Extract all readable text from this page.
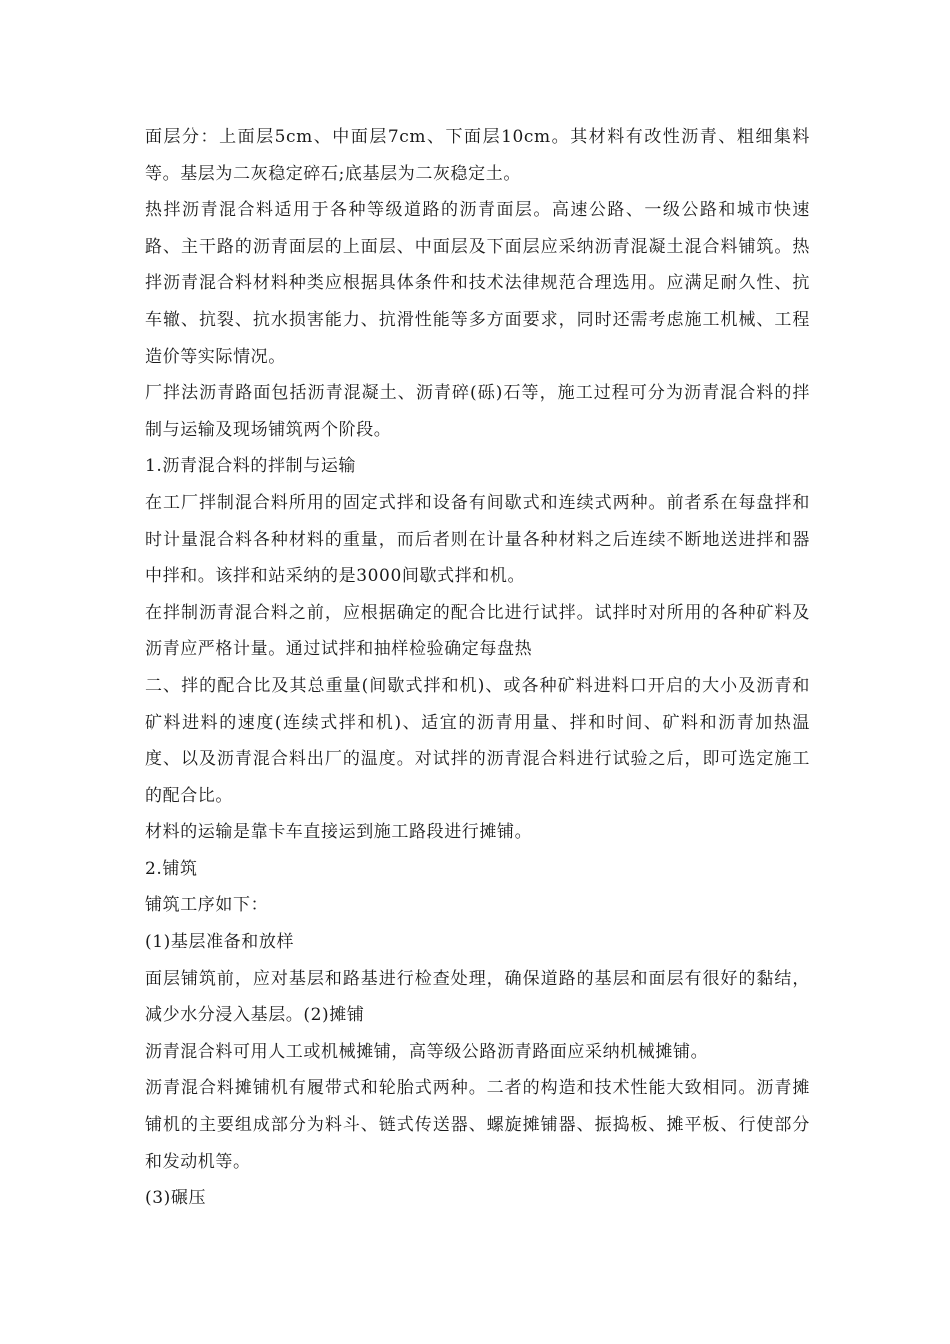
面层分：上面层5cm、中面层7cm、下面层10cm。其材料有改性沥青、粗细集料等。基层为二灰稳定碎石;底基层为二灰稳定土。

热拌沥青混合料适用于各种等级道路的沥青面层。高速公路、一级公路和城市快速路、主干路的沥青面层的上面层、中面层及下面层应采纳沥青混凝土混合料铺筑。热拌沥青混合料材料种类应根据具体条件和技术法律规范合理选用。应满足耐久性、抗车辙、抗裂、抗水损害能力、抗滑性能等多方面要求，同时还需考虑施工机械、工程造价等实际情况。

厂拌法沥青路面包括沥青混凝土、沥青碎(砾)石等，施工过程可分为沥青混合料的拌制与运输及现场铺筑两个阶段。

1.沥青混合料的拌制与运输

在工厂拌制混合料所用的固定式拌和设备有间歇式和连续式两种。前者系在每盘拌和时计量混合料各种材料的重量，而后者则在计量各种材料之后连续不断地送进拌和器中拌和。该拌和站采纳的是3000间歇式拌和机。

在拌制沥青混合料之前，应根据确定的配合比进行试拌。试拌时对所用的各种矿料及沥青应严格计量。通过试拌和抽样检验确定每盘热

二、拌的配合比及其总重量(间歇式拌和机)、或各种矿料进料口开启的大小及沥青和矿料进料的速度(连续式拌和机)、适宜的沥青用量、拌和时间、矿料和沥青加热温度、以及沥青混合料出厂的温度。对试拌的沥青混合料进行试验之后，即可选定施工的配合比。

材料的运输是靠卡车直接运到施工路段进行摊铺。

2.铺筑

铺筑工序如下：

(1)基层准备和放样

面层铺筑前，应对基层和路基进行检查处理，确保道路的基层和面层有很好的黏结，减少水分浸入基层。(2)摊铺

沥青混合料可用人工或机械摊铺，高等级公路沥青路面应采纳机械摊铺。

沥青混合料摊铺机有履带式和轮胎式两种。二者的构造和技术性能大致相同。沥青摊铺机的主要组成部分为料斗、链式传送器、螺旋摊铺器、振捣板、摊平板、行使部分和发动机等。

(3)碾压
